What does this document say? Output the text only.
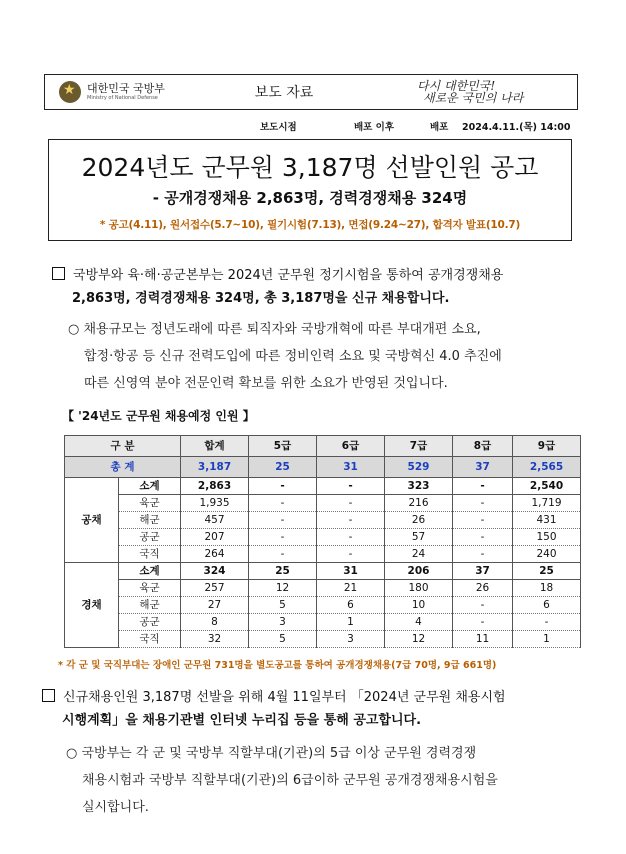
★
대한민국 국방부
Ministry of National Defense	보도 자료	다시 대한민국!
새로운 국민의 나라
보도시점	배포 이후	배포 2024.4.11.(목) 14:00
2024년도 군무원 3,187명 선발인원 공고
- 공개경쟁채용 2,863명, 경력경쟁채용 324명
* 공고(4.11), 원서접수(5.7~10), 필기시험(7.13), 면접(9.24~27), 합격자 발표(10.7)
국방부와 육·해·공군본부는 2024년 군무원 정기시험을 통하여 공개경쟁채용
2,863명, 경력경쟁채용 324명, 총 3,187명을 신규 채용합니다.
○ 채용규모는 정년도래에 따른 퇴직자와 국방개혁에 따른 부대개편 소요,
합정·항공 등 신규 전력도입에 따른 정비인력 소요 및 국방혁신 4.0 추진에
따른 신영역 분야 전문인력 확보를 위한 소요가 반영된 것입니다.
【 '24년도 군무원 채용예정 인원 】
구 분		합계	5급	6급	7급	8급	9급
총 계		3,187	25	31	529	37	2,565
공채	소계	2,863	-	-	323	-	2,540
	육군	1,935	-	-	216	-	1,719
	해군	457	-	-	26	-	431
	공군	207	-	-	57	-	150
	국직	264	-	-	24	-	240
경채	소계	324	25	31	206	37	25
	육군	257	12	21	180	26	18
	해군	27	5	6	10	-	6
	공군	8	3	1	4	-	-
	국직	32	5	3	12	11	1
* 각 군 및 국직부대는 장애인 군무원 731명을 별도공고를 통하여 공개경쟁채용(7급 70명, 9급 661명)
신규채용인원 3,187명 선발을 위해 4월 11일부터 「2024년 군무원 채용시험
시행계획」을 채용기관별 인터넷 누리집 등을 통해 공고합니다.
○ 국방부는 각 군 및 국방부 직할부대(기관)의 5급 이상 군무원 경력경쟁
채용시험과 국방부 직할부대(기관)의 6급이하 군무원 공개경쟁채용시험을
실시합니다.
